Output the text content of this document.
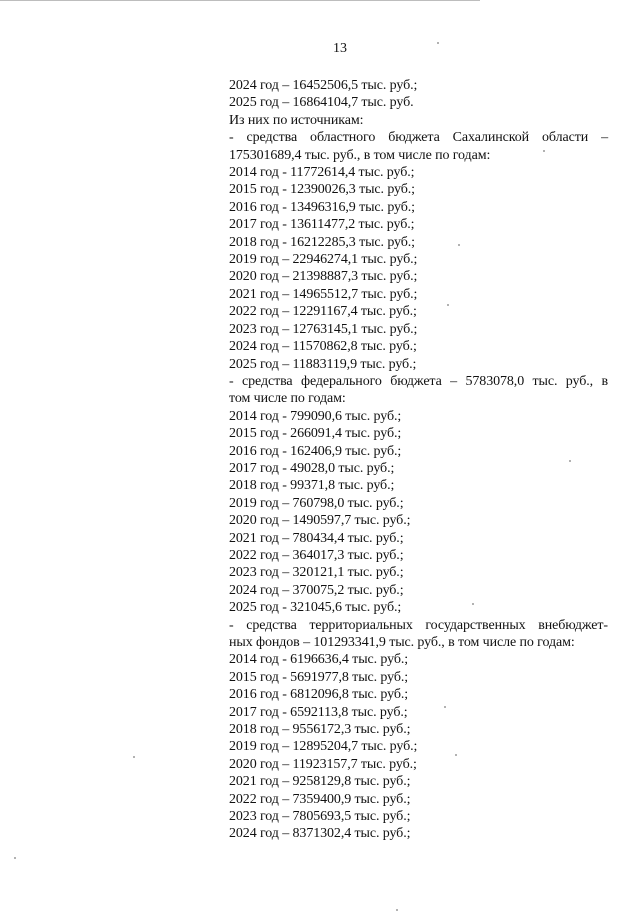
13
2024 год – 16452506,5 тыс. руб.;
2025 год – 16864104,7 тыс. руб.
Из них по источникам:
- средства областного бюджета Сахалинской области –
175301689,4 тыс. руб., в том числе по годам:
2014 год - 11772614,4 тыс. руб.;
2015 год - 12390026,3 тыс. руб.;
2016 год - 13496316,9 тыс. руб.;
2017 год - 13611477,2 тыс. руб.;
2018 год - 16212285,3 тыс. руб.;
2019 год – 22946274,1 тыс. руб.;
2020 год – 21398887,3 тыс. руб.;
2021 год – 14965512,7 тыс. руб.;
2022 год – 12291167,4 тыс. руб.;
2023 год – 12763145,1 тыс. руб.;
2024 год – 11570862,8 тыс. руб.;
2025 год – 11883119,9 тыс. руб.;
- средства федерального бюджета – 5783078,0 тыс. руб., в
том числе по годам:
2014 год - 799090,6 тыс. руб.;
2015 год - 266091,4 тыс. руб.;
2016 год - 162406,9 тыс. руб.;
2017 год - 49028,0 тыс. руб.;
2018 год - 99371,8 тыс. руб.;
2019 год – 760798,0 тыс. руб.;
2020 год – 1490597,7 тыс. руб.;
2021 год – 780434,4 тыс. руб.;
2022 год – 364017,3 тыс. руб.;
2023 год – 320121,1 тыс. руб.;
2024 год – 370075,2 тыс. руб.;
2025 год - 321045,6 тыс. руб.;
- средства территориальных государственных внебюджет-
ных фондов – 101293341,9 тыс. руб., в том числе по годам:
2014 год - 6196636,4 тыс. руб.;
2015 год - 5691977,8 тыс. руб.;
2016 год - 6812096,8 тыс. руб.;
2017 год - 6592113,8 тыс. руб.;
2018 год – 9556172,3 тыс. руб.;
2019 год – 12895204,7 тыс. руб.;
2020 год – 11923157,7 тыс. руб.;
2021 год – 9258129,8 тыс. руб.;
2022 год – 7359400,9 тыс. руб.;
2023 год – 7805693,5 тыс. руб.;
2024 год – 8371302,4 тыс. руб.;
